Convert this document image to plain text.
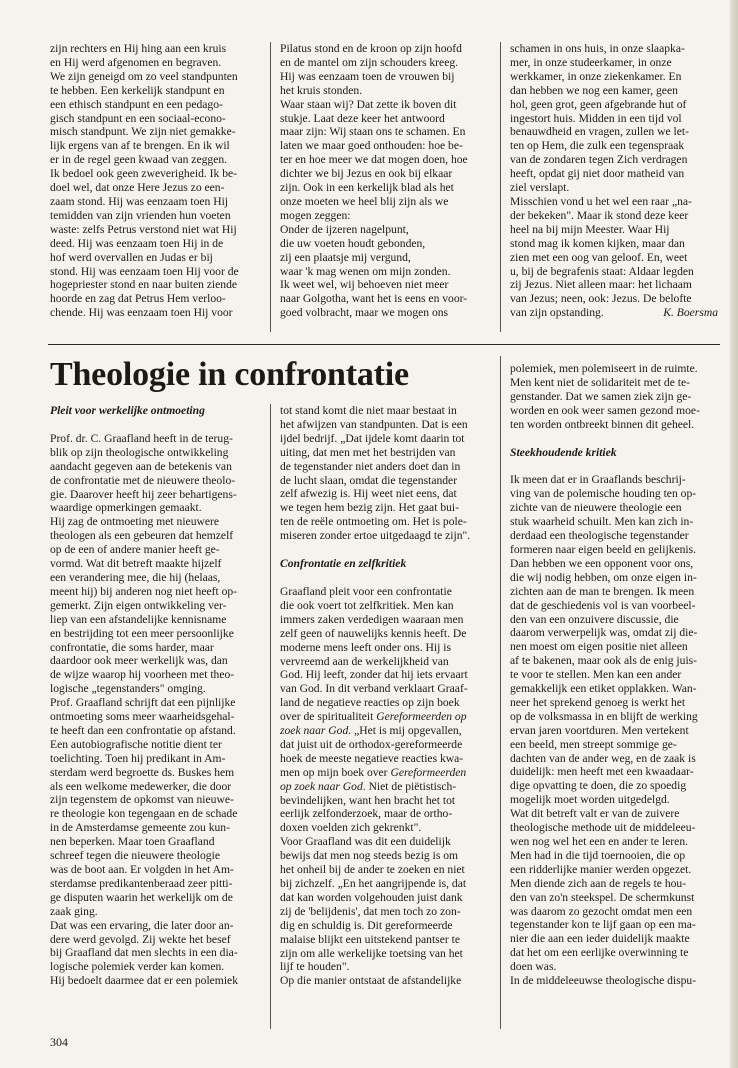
zijn rechters en Hij hing aan een kruis
en Hij werd afgenomen en begraven.
We zijn geneigd om zo veel standpunten
te hebben. Een kerkelijk standpunt en
een ethisch standpunt en een pedago-
gisch standpunt en een sociaal-econo-
misch standpunt. We zijn niet gemakke-
lijk ergens van af te brengen. En ik wil
er in de regel geen kwaad van zeggen.
Ik bedoel ook geen zweverigheid. Ik be-
doel wel, dat onze Here Jezus zo een-
zaam stond. Hij was eenzaam toen Hij
temidden van zijn vrienden hun voeten
waste: zelfs Petrus verstond niet wat Hij
deed. Hij was eenzaam toen Hij in de
hof werd overvallen en Judas er bij
stond. Hij was eenzaam toen Hij voor de
hogepriester stond en naar buiten ziende
hoorde en zag dat Petrus Hem verloo-
chende. Hij was eenzaam toen Hij voor

Pilatus stond en de kroon op zijn hoofd
en de mantel om zijn schouders kreeg.
Hij was eenzaam toen de vrouwen bij
het kruis stonden.
Waar staan wij? Dat zette ik boven dit
stukje. Laat deze keer het antwoord
maar zijn: Wij staan ons te schamen. En
laten we maar goed onthouden: hoe be-
ter en hoe meer we dat mogen doen, hoe
dichter we bij Jezus en ook bij elkaar
zijn. Ook in een kerkelijk blad als het
onze moeten we heel blij zijn als we
mogen zeggen:
Onder de ijzeren nagelpunt,
die uw voeten houdt gebonden,
zij een plaatsje mij vergund,
waar 'k mag wenen om mijn zonden.
Ik weet wel, wij behoeven niet meer
naar Golgotha, want het is eens en voor-
goed volbracht, maar we mogen ons

schamen in ons huis, in onze slaapka-
mer, in onze studeerkamer, in onze
werkkamer, in onze ziekenkamer. En
dan hebben we nog een kamer, geen
hol, geen grot, geen afgebrande hut of
ingestort huis. Midden in een tijd vol
benauwdheid en vragen, zullen we let-
ten op Hem, die zulk een tegenspraak
van de zondaren tegen Zich verdragen
heeft, opdat gij niet door matheid van
ziel verslapt.
Misschien vond u het wel een raar „na-
der bekeken". Maar ik stond deze keer
heel na bij mijn Meester. Waar Hij
stond mag ik komen kijken, maar dan
zien met een oog van geloof. En, weet
u, bij de begrafenis staat: Aldaar legden
zij Jezus. Niet alleen maar: het lichaam
van Jezus; neen, ook: Jezus. De belofte
van zijn opstanding.	K. Boersma
Theologie in confrontatie

Pleit voor werkelijke ontmoeting

Prof. dr. C. Graafland heeft in de terug-
blik op zijn theologische ontwikkeling
aandacht gegeven aan de betekenis van
de confrontatie met de nieuwere theolo-
gie. Daarover heeft hij zeer behartigens-
waardige opmerkingen gemaakt.
Hij zag de ontmoeting met nieuwere
theologen als een gebeuren dat hemzelf
op de een of andere manier heeft ge-
vormd. Wat dit betreft maakte hijzelf
een verandering mee, die hij (helaas,
meent hij) bij anderen nog niet heeft op-
gemerkt. Zijn eigen ontwikkeling ver-
liep van een afstandelijke kennisname
en bestrijding tot een meer persoonlijke
confrontatie, die soms harder, maar
daardoor ook meer werkelijk was, dan
de wijze waarop hij voorheen met theo-
logische „tegenstanders" omging.
Prof. Graafland schrijft dat een pijnlijke
ontmoeting soms meer waarheidsgehal-
te heeft dan een confrontatie op afstand.
Een autobiografische notitie dient ter
toelichting. Toen hij predikant in Am-
sterdam werd begroette ds. Buskes hem
als een welkome medewerker, die door
zijn tegenstem de opkomst van nieuwe-
re theologie kon tegengaan en de schade
in de Amsterdamse gemeente zou kun-
nen beperken. Maar toen Graafland
schreef tegen die nieuwere theologie
was de boot aan. Er volgden in het Am-
sterdamse predikantenberaad zeer pitti-
ge disputen waarin het werkelijk om de
zaak ging.
Dat was een ervaring, die later door an-
dere werd gevolgd. Zij wekte het besef
bij Graafland dat men slechts in een dia-
logische polemiek verder kan komen.
Hij bedoelt daarmee dat er een polemiek

tot stand komt die niet maar bestaat in
het afwijzen van standpunten. Dat is een
ijdel bedrijf. „Dat ijdele komt daarin tot
uiting, dat men met het bestrijden van
de tegenstander niet anders doet dan in
de lucht slaan, omdat die tegenstander
zelf afwezig is. Hij weet niet eens, dat
we tegen hem bezig zijn. Het gaat bui-
ten de reële ontmoeting om. Het is pole-
miseren zonder ertoe uitgedaagd te zijn".

Confrontatie en zelfkritiek

Graafland pleit voor een confrontatie
die ook voert tot zelfkritiek. Men kan
immers zaken verdedigen waaraan men
zelf geen of nauwelijks kennis heeft. De
moderne mens leeft onder ons. Hij is
vervreemd aan de werkelijkheid van
God. Hij leeft, zonder dat hij iets ervaart
van God. In dit verband verklaart Graaf-
land de negatieve reacties op zijn boek
over de spiritualiteit Gereformeerden op
zoek naar God. „Het is mij opgevallen,
dat juist uit de orthodox-gereformeerde
hoek de meeste negatieve reacties kwa-
men op mijn boek over Gereformeerden
op zoek naar God. Niet de piëtistisch-
bevindelijken, want hen bracht het tot
eerlijk zelfonderzoek, maar de ortho-
doxen voelden zich gekrenkt".
Voor Graafland was dit een duidelijk
bewijs dat men nog steeds bezig is om
het onheil bij de ander te zoeken en niet
bij zichzelf. „En het aangrijpende is, dat
dat kan worden volgehouden juist dank
zij de 'belijdenis', dat men toch zo zon-
dig en schuldig is. Dit gereformeerde
malaise blijkt een uitstekend pantser te
zijn om alle werkelijke toetsing van het
lijf te houden".
Op die manier ontstaat de afstandelijke

polemiek, men polemiseert in de ruimte.
Men kent niet de solidariteit met de te-
genstander. Dat we samen ziek zijn ge-
worden en ook weer samen gezond moe-
ten worden ontbreekt binnen dit geheel.

Steekhoudende kritiek

Ik meen dat er in Graaflands beschrij-
ving van de polemische houding ten op-
zichte van de nieuwere theologie een
stuk waarheid schuilt. Men kan zich in-
derdaad een theologische tegenstander
formeren naar eigen beeld en gelijkenis.
Dan hebben we een opponent voor ons,
die wij nodig hebben, om onze eigen in-
zichten aan de man te brengen. Ik meen
dat de geschiedenis vol is van voorbeel-
den van een onzuivere discussie, die
daarom verwerpelijk was, omdat zij die-
nen moest om eigen positie niet alleen
af te bakenen, maar ook als de enig juis-
te voor te stellen. Men kan een ander
gemakkelijk een etiket opplakken. Wan-
neer het sprekend genoeg is werkt het
op de volksmassa in en blijft de werking
ervan jaren voortduren. Men vertekent
een beeld, men streept sommige ge-
dachten van de ander weg, en de zaak is
duidelijk: men heeft met een kwaadaar-
dige opvatting te doen, die zo spoedig
mogelijk moet worden uitgedelgd.
Wat dit betreft valt er van de zuivere
theologische methode uit de middeleeu-
wen nog wel het een en ander te leren.
Men had in die tijd toernooien, die op
een ridderlijke manier werden opgezet.
Men diende zich aan de regels te hou-
den van zo'n steekspel. De schermkunst
was daarom zo gezocht omdat men een
tegenstander kon te lijf gaan op een ma-
nier die aan een ieder duidelijk maakte
dat het om een eerlijke overwinning te
doen was.
In de middeleeuwse theologische dispu-

304
